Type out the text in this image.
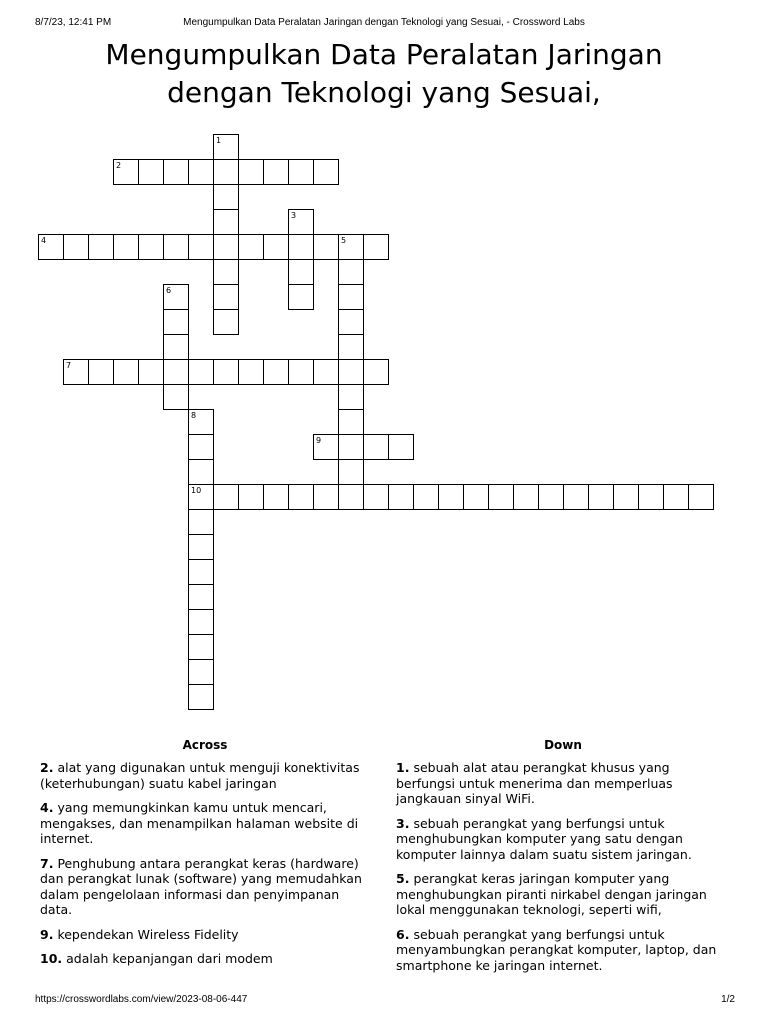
8/7/23, 12:41 PM	Mengumpulkan Data Peralatan Jaringan dengan Teknologi yang Sesuai, - Crossword Labs
Mengumpulkan Data Peralatan Jaringan
dengan Teknologi yang Sesuai,
1
2
3
4	5
6
7
8
10
9
Across	Down
2. alat yang digunakan untuk menguji konektivitas (keterhubungan) suatu kabel jaringan
4. yang memungkinkan kamu untuk mencari, mengakses, dan menampilkan halaman website di internet.
7. Penghubung antara perangkat keras (hardware) dan perangkat lunak (software) yang memudahkan dalam pengelolaan informasi dan penyimpanan data.
9. kependekan Wireless Fidelity
10. adalah kepanjangan dari modem
1. sebuah alat atau perangkat khusus yang berfungsi untuk menerima dan memperluas jangkauan sinyal WiFi.
3. sebuah perangkat yang berfungsi untuk menghubungkan komputer yang satu dengan komputer lainnya dalam suatu sistem jaringan.
5. perangkat keras jaringan komputer yang menghubungkan piranti nirkabel dengan jaringan lokal menggunakan teknologi, seperti wifi,
6. sebuah perangkat yang berfungsi untuk menyambungkan perangkat komputer, laptop, dan smartphone ke jaringan internet.
https://crosswordlabs.com/view/2023-08-06-447	1/2
